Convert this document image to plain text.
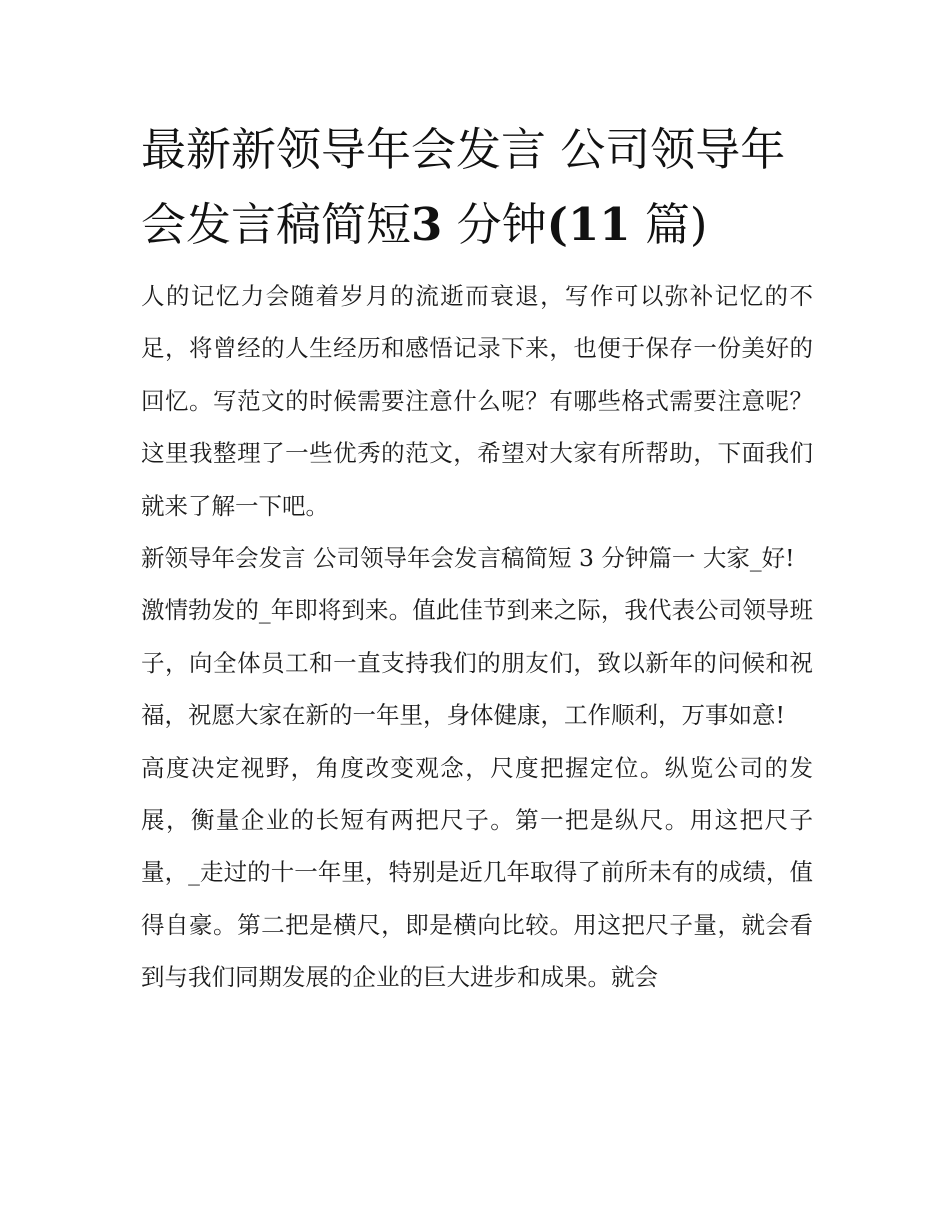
最新新领导年会发言 公司领导年会发言稿简短3 分钟(11 篇)

人的记忆力会随着岁月的流逝而衰退，写作可以弥补记忆的不足，将曾经的人生经历和感悟记录下来，也便于保存一份美好的回忆。写范文的时候需要注意什么呢？有哪些格式需要注意呢？这里我整理了一些优秀的范文，希望对大家有所帮助，下面我们就来了解一下吧。

新领导年会发言 公司领导年会发言稿简短 3 分钟篇一 大家_好!

激情勃发的_年即将到来。值此佳节到来之际，我代表公司领导班子，向全体员工和一直支持我们的朋友们，致以新年的问候和祝福，祝愿大家在新的一年里，身体健康，工作顺利，万事如意!

高度决定视野，角度改变观念，尺度把握定位。纵览公司的发展，衡量企业的长短有两把尺子。第一把是纵尺。用这把尺子量，_走过的十一年里，特别是近几年取得了前所未有的成绩，值得自豪。第二把是横尺，即是横向比较。用这把尺子量，就会看到与我们同期发展的企业的巨大进步和成果。就会
